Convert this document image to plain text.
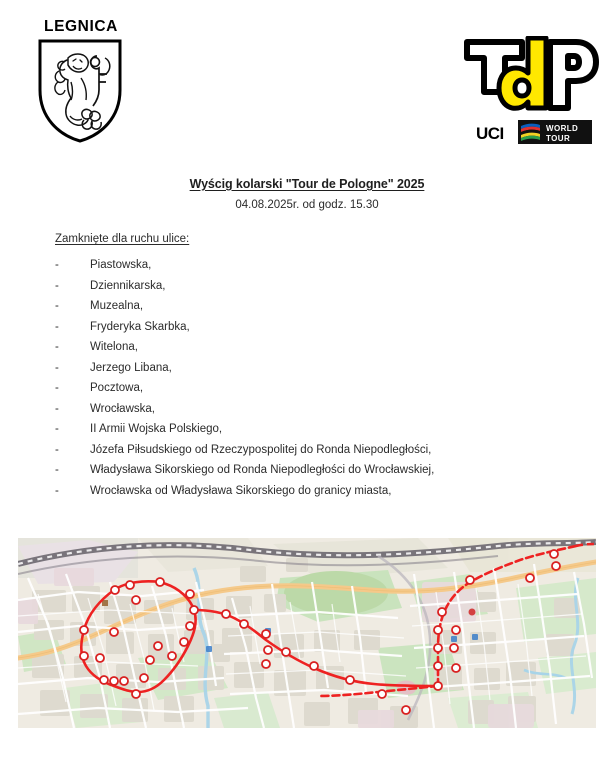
LEGNICA
UCI	WORLD
TOUR
Wyścig kolarski "Tour de Pologne" 2025
04.08.2025r. od godz. 15.30
Zamknięte dla ruchu ulice:
-	Piastowska,
-	Dziennikarska,
-	Muzealna,
-	Fryderyka Skarbka,
-	Witelona,
-	Jerzego Libana,
-	Pocztowa,
-	Wrocławska,
-	II Armii Wojska Polskiego,
-	Józefa Piłsudskiego od Rzeczypospolitej do Ronda Niepodległości,
-	Władysława Sikorskiego od Ronda Niepodległości do Wrocławskiej,
-	Wrocławska od Władysława Sikorskiego do granicy miasta,
